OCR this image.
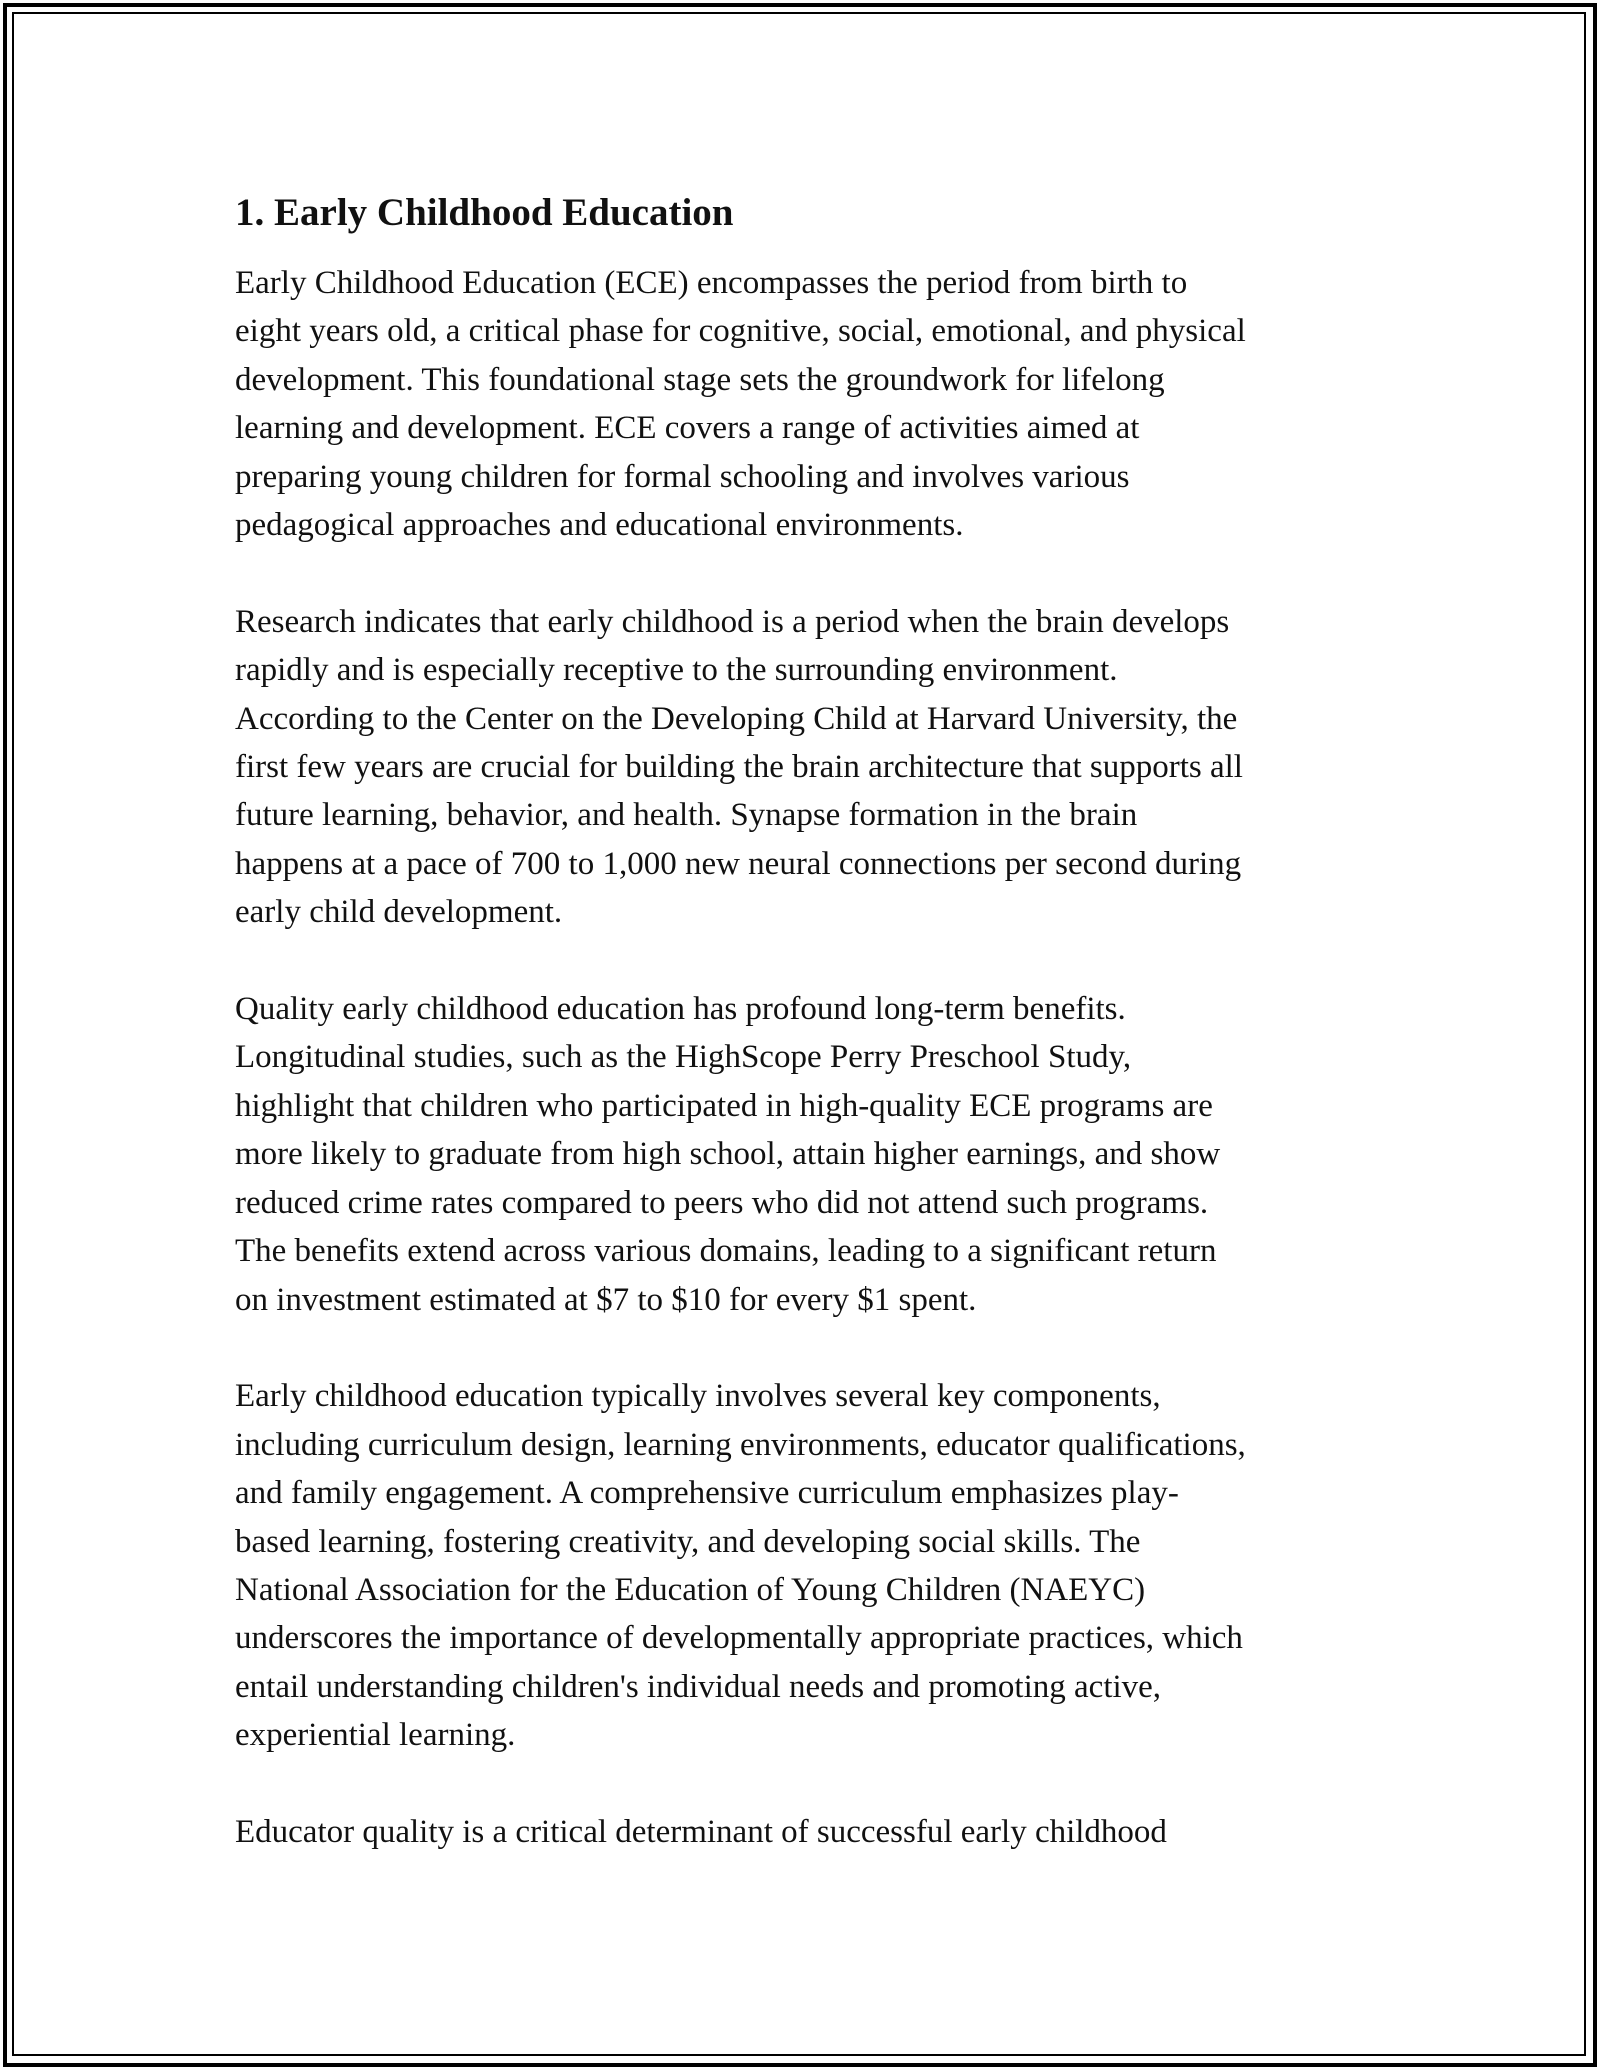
1. Early Childhood Education

Early Childhood Education (ECE) encompasses the period from birth to
eight years old, a critical phase for cognitive, social, emotional, and physical
development. This foundational stage sets the groundwork for lifelong
learning and development. ECE covers a range of activities aimed at
preparing young children for formal schooling and involves various
pedagogical approaches and educational environments.

Research indicates that early childhood is a period when the brain develops
rapidly and is especially receptive to the surrounding environment.
According to the Center on the Developing Child at Harvard University, the
first few years are crucial for building the brain architecture that supports all
future learning, behavior, and health. Synapse formation in the brain
happens at a pace of 700 to 1,000 new neural connections per second during
early child development.

Quality early childhood education has profound long-term benefits.
Longitudinal studies, such as the HighScope Perry Preschool Study,
highlight that children who participated in high-quality ECE programs are
more likely to graduate from high school, attain higher earnings, and show
reduced crime rates compared to peers who did not attend such programs.
The benefits extend across various domains, leading to a significant return
on investment estimated at $7 to $10 for every $1 spent.

Early childhood education typically involves several key components,
including curriculum design, learning environments, educator qualifications,
and family engagement. A comprehensive curriculum emphasizes play-
based learning, fostering creativity, and developing social skills. The
National Association for the Education of Young Children (NAEYC)
underscores the importance of developmentally appropriate practices, which
entail understanding children's individual needs and promoting active,
experiential learning.

Educator quality is a critical determinant of successful early childhood
